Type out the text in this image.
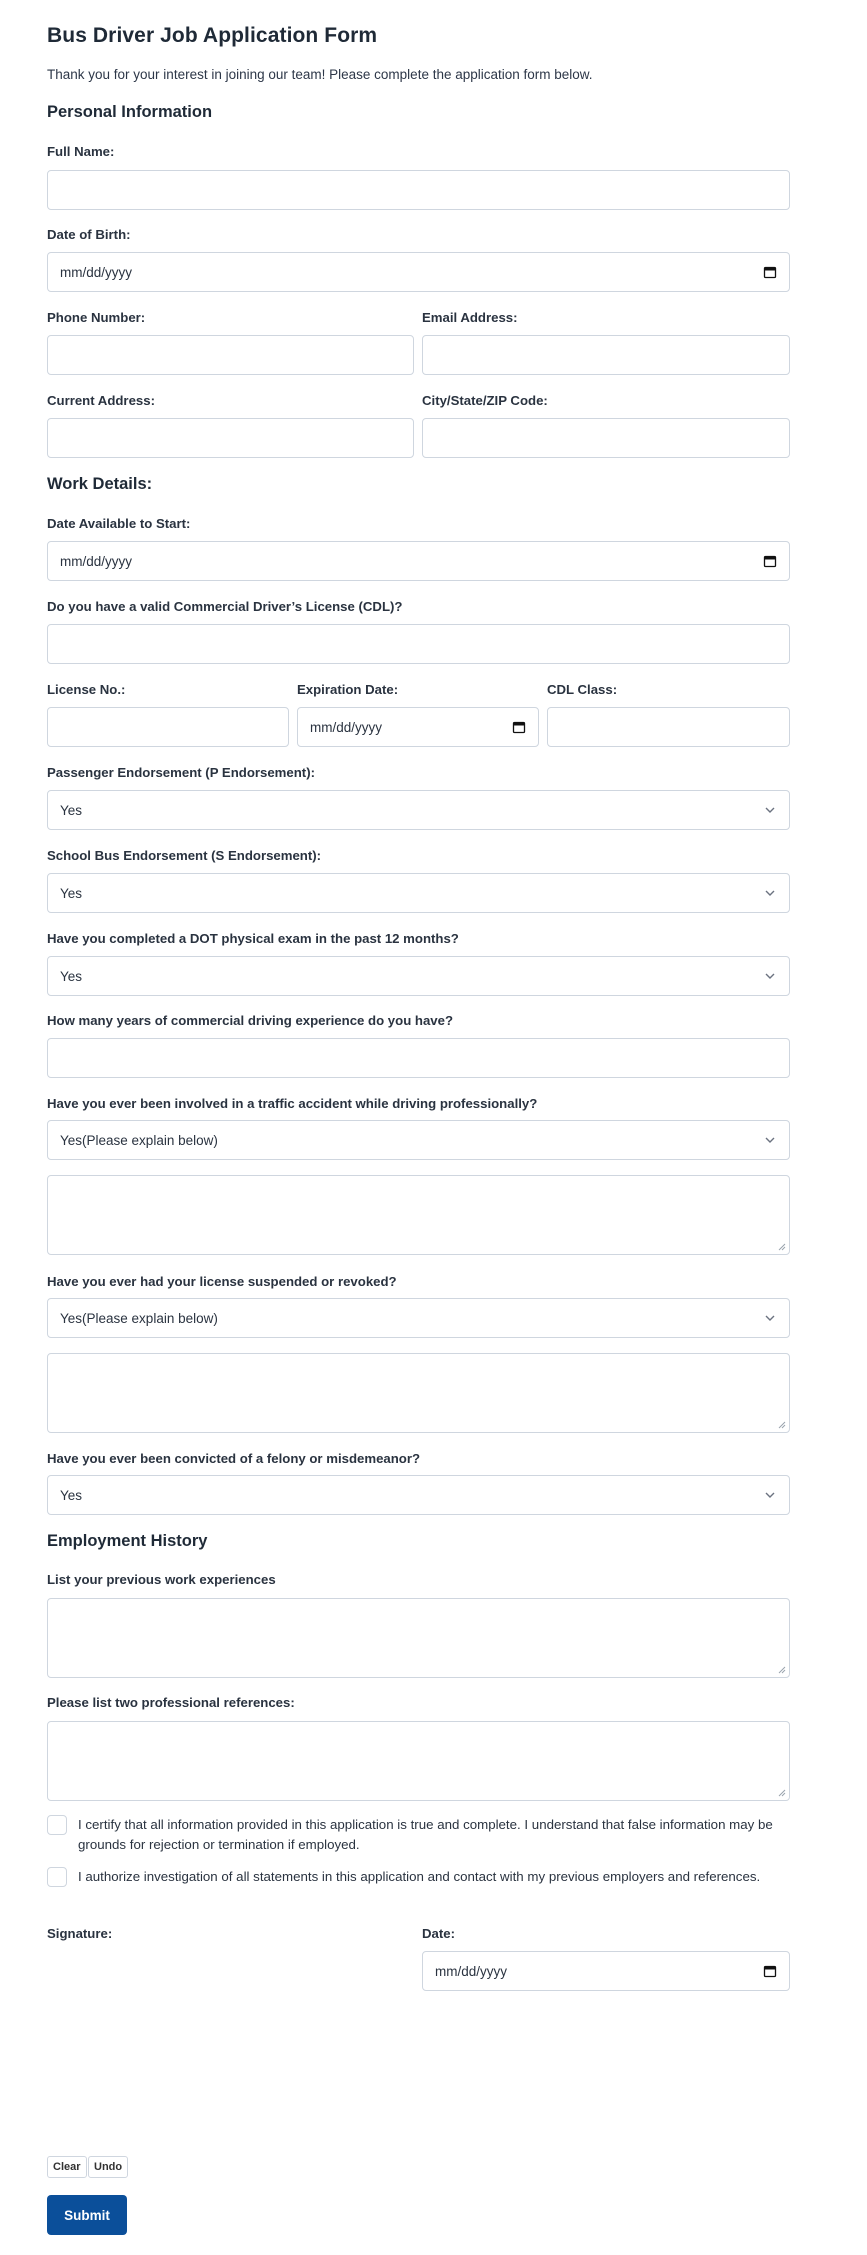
Bus Driver Job Application Form
Thank you for your interest in joining our team! Please complete the application form below.
Personal Information
Full Name:
Date of Birth:
mm/dd/yyyy
Phone Number:	Email Address:
Current Address:	City/State/ZIP Code:
Work Details:
Date Available to Start:
mm/dd/yyyy
Do you have a valid Commercial Driver’s License (CDL)?
License No.:	Expiration Date:	CDL Class:
mm/dd/yyyy
Passenger Endorsement (P Endorsement):
Yes
School Bus Endorsement (S Endorsement):
Yes
Have you completed a DOT physical exam in the past 12 months?
Yes
How many years of commercial driving experience do you have?
Have you ever been involved in a traffic accident while driving professionally?
Yes(Please explain below)
Have you ever had your license suspended or revoked?
Yes(Please explain below)
Have you ever been convicted of a felony or misdemeanor?
Yes
Employment History
List your previous work experiences
Please list two professional references:
I certify that all information provided in this application is true and complete. I understand that false information may be grounds for rejection or termination if employed.
I authorize investigation of all statements in this application and contact with my previous employers and references.
Signature:	Date:
mm/dd/yyyy
Clear	Undo
Submit
